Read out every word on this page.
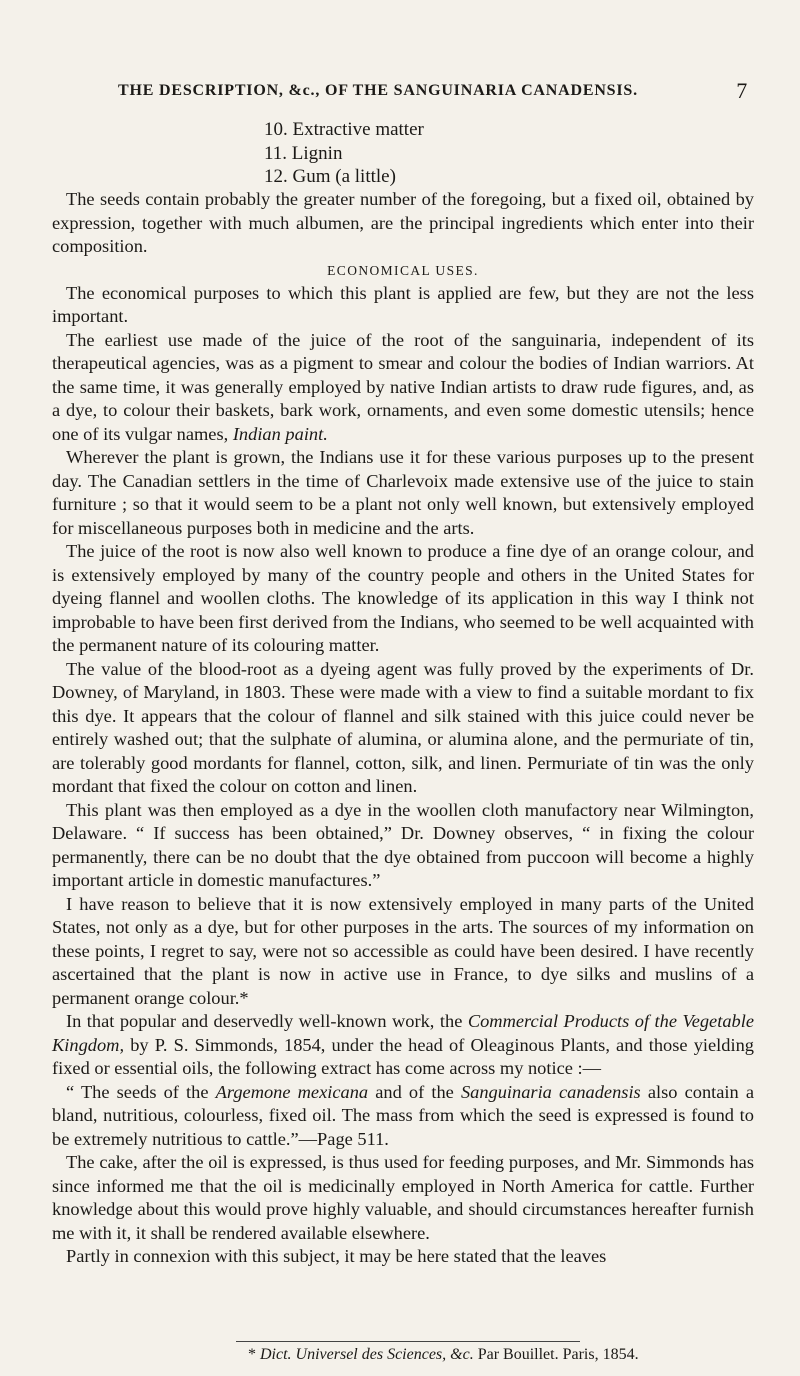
THE DESCRIPTION, &c., OF THE SANGUINARIA CANADENSIS.	7
10. Extractive matter
11. Lignin
12. Gum (a little)

The seeds contain probably the greater number of the foregoing, but a fixed oil, obtained by expression, together with much albumen, are the principal ingredients which enter into their composition.

ECONOMICAL USES.

The economical purposes to which this plant is applied are few, but they are not the less important.

The earliest use made of the juice of the root of the sanguinaria, independent of its therapeutical agencies, was as a pigment to smear and colour the bodies of Indian warriors. At the same time, it was generally employed by native Indian artists to draw rude figures, and, as a dye, to colour their baskets, bark work, ornaments, and even some domestic utensils; hence one of its vulgar names, Indian paint.

Wherever the plant is grown, the Indians use it for these various purposes up to the present day. The Canadian settlers in the time of Charlevoix made extensive use of the juice to stain furniture ; so that it would seem to be a plant not only well known, but extensively employed for miscellaneous purposes both in medicine and the arts.

The juice of the root is now also well known to produce a fine dye of an orange colour, and is extensively employed by many of the country people and others in the United States for dyeing flannel and woollen cloths. The knowledge of its application in this way I think not improbable to have been first derived from the Indians, who seemed to be well acquainted with the permanent nature of its colouring matter.

The value of the blood-root as a dyeing agent was fully proved by the experiments of Dr. Downey, of Maryland, in 1803. These were made with a view to find a suitable mordant to fix this dye. It appears that the colour of flannel and silk stained with this juice could never be entirely washed out; that the sulphate of alumina, or alumina alone, and the permuriate of tin, are tolerably good mordants for flannel, cotton, silk, and linen. Permuriate of tin was the only mordant that fixed the colour on cotton and linen.

This plant was then employed as a dye in the woollen cloth manufactory near Wilmington, Delaware. “ If success has been obtained,” Dr. Downey observes, “ in fixing the colour permanently, there can be no doubt that the dye obtained from puccoon will become a highly important article in domestic manufactures.”

I have reason to believe that it is now extensively employed in many parts of the United States, not only as a dye, but for other purposes in the arts. The sources of my information on these points, I regret to say, were not so accessible as could have been desired. I have recently ascertained that the plant is now in active use in France, to dye silks and muslins of a permanent orange colour.*

In that popular and deservedly well-known work, the Commercial Products of the Vegetable Kingdom, by P. S. Simmonds, 1854, under the head of Oleaginous Plants, and those yielding fixed or essential oils, the following extract has come across my notice :—

“ The seeds of the Argemone mexicana and of the Sanguinaria canadensis also contain a bland, nutritious, colourless, fixed oil. The mass from which the seed is expressed is found to be extremely nutritious to cattle.”—Page 511.

The cake, after the oil is expressed, is thus used for feeding purposes, and Mr. Simmonds has since informed me that the oil is medicinally employed in North America for cattle. Further knowledge about this would prove highly valuable, and should circumstances hereafter furnish me with it, it shall be rendered available elsewhere.

Partly in connexion with this subject, it may be here stated that the leaves

* Dict. Universel des Sciences, &c. Par Bouillet. Paris, 1854.
